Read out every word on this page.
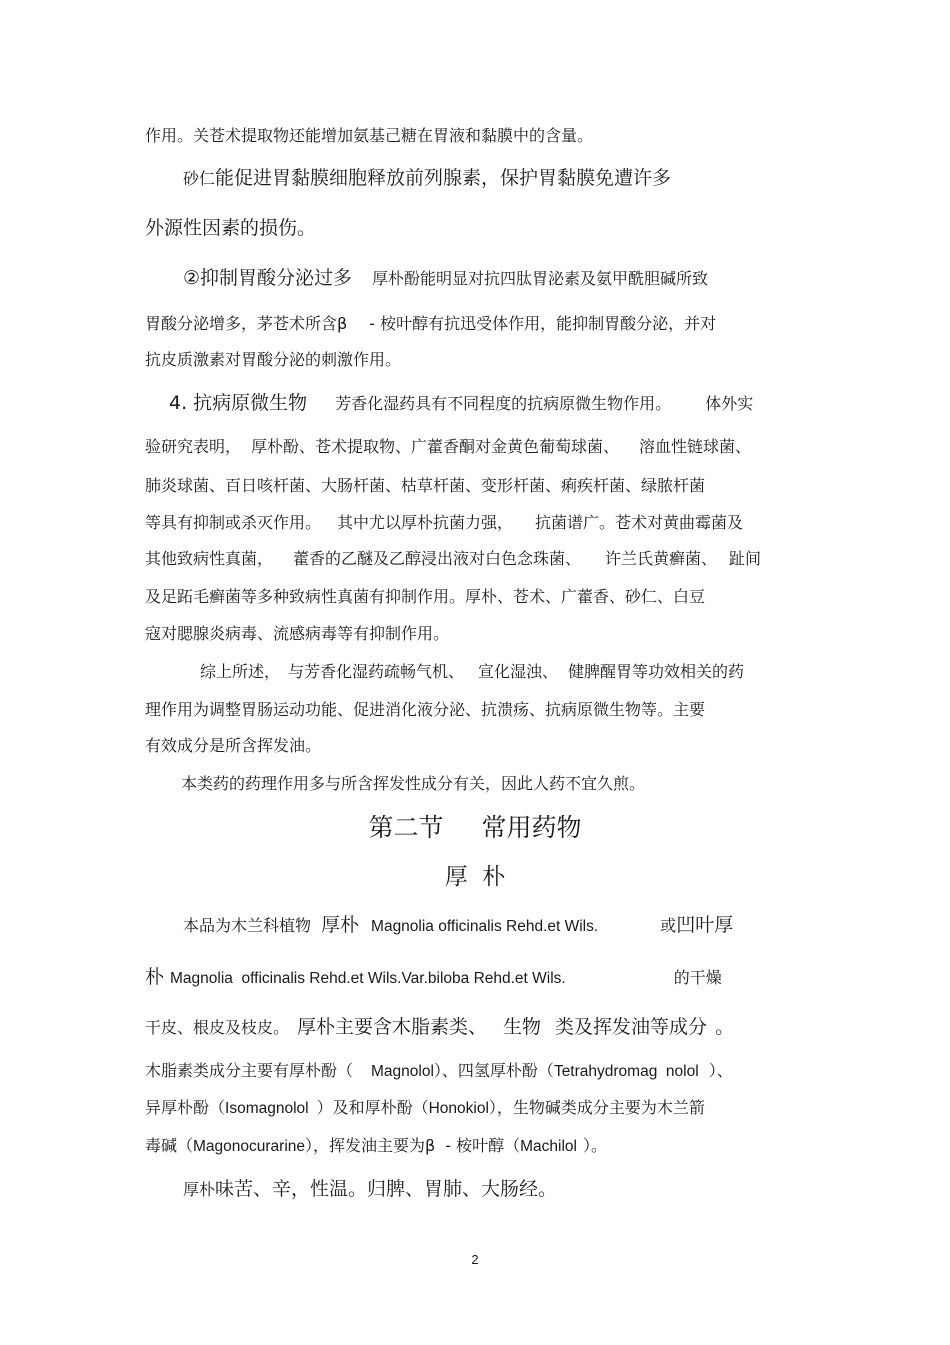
作用。关苍术提取物还能增加氨基己糖在胃液和黏膜中的含量。
砂仁能促进胃黏膜细胞释放前列腺素，保护胃黏膜免遭许多
外源性因素的损伤。
②抑制胃酸分泌过多 厚朴酚能明显对抗四肽胃泌素及氨甲酰胆碱所致
胃酸分泌增多，茅苍术所含β - 桉叶醇有抗迅受体作用，能抑制胃酸分泌，并对
抗皮质激素对胃酸分泌的刺激作用。
4. 抗病原微生物 芳香化湿药具有不同程度的抗病原微生物作用。 体外实
验研究表明， 厚朴酚、苍术提取物、广藿香酮对金黄色葡萄球菌、 溶血性链球菌、
肺炎球菌、百日咳杆菌、大肠杆菌、枯草杆菌、变形杆菌、痢疾杆菌、绿脓杆菌
等具有抑制或杀灭作用。 其中尤以厚朴抗菌力强， 抗菌谱广。苍术对黄曲霉菌及
其他致病性真菌， 藿香的乙醚及乙醇浸出液对白色念珠菌、 许兰氏黄癣菌、 趾间
及足跖毛癣菌等多种致病性真菌有抑制作用。厚朴、苍术、广藿香、砂仁、白豆
寇对腮腺炎病毒、流感病毒等有抑制作用。
综上所述， 与芳香化湿药疏畅气机、 宣化湿浊、 健脾醒胃等功效相关的药
理作用为调整胃肠运动功能、促进消化液分泌、抗溃疡、抗病原微生物等。主要
有效成分是所含挥发油。
本类药的药理作用多与所含挥发性成分有关，因此人药不宜久煎。
第二节 常用药物
厚  朴
本品为木兰科植物 厚朴 Magnolia officinalis Rehd.et Wils.	或凹叶厚
朴 Magnolia  officinalis Rehd.et Wils.Var.biloba Rehd.et Wils.	的干燥
干皮、根皮及枝皮。 厚朴主要含木脂素类、 生物 类及挥发油等成分 。
木脂素类成分主要有厚朴酚（ Magnolol）、四氢厚朴酚（Tetrahydromag  nolol ）、
异厚朴酚（Isomagnolol ）及和厚朴酚（Honokiol），生物碱类成分主要为木兰箭
毒碱（Magonocurarine），挥发油主要为β - 桉叶醇（Machilol ）。
厚朴味苦、辛，性温。归脾、胃肺、大肠经。
2
